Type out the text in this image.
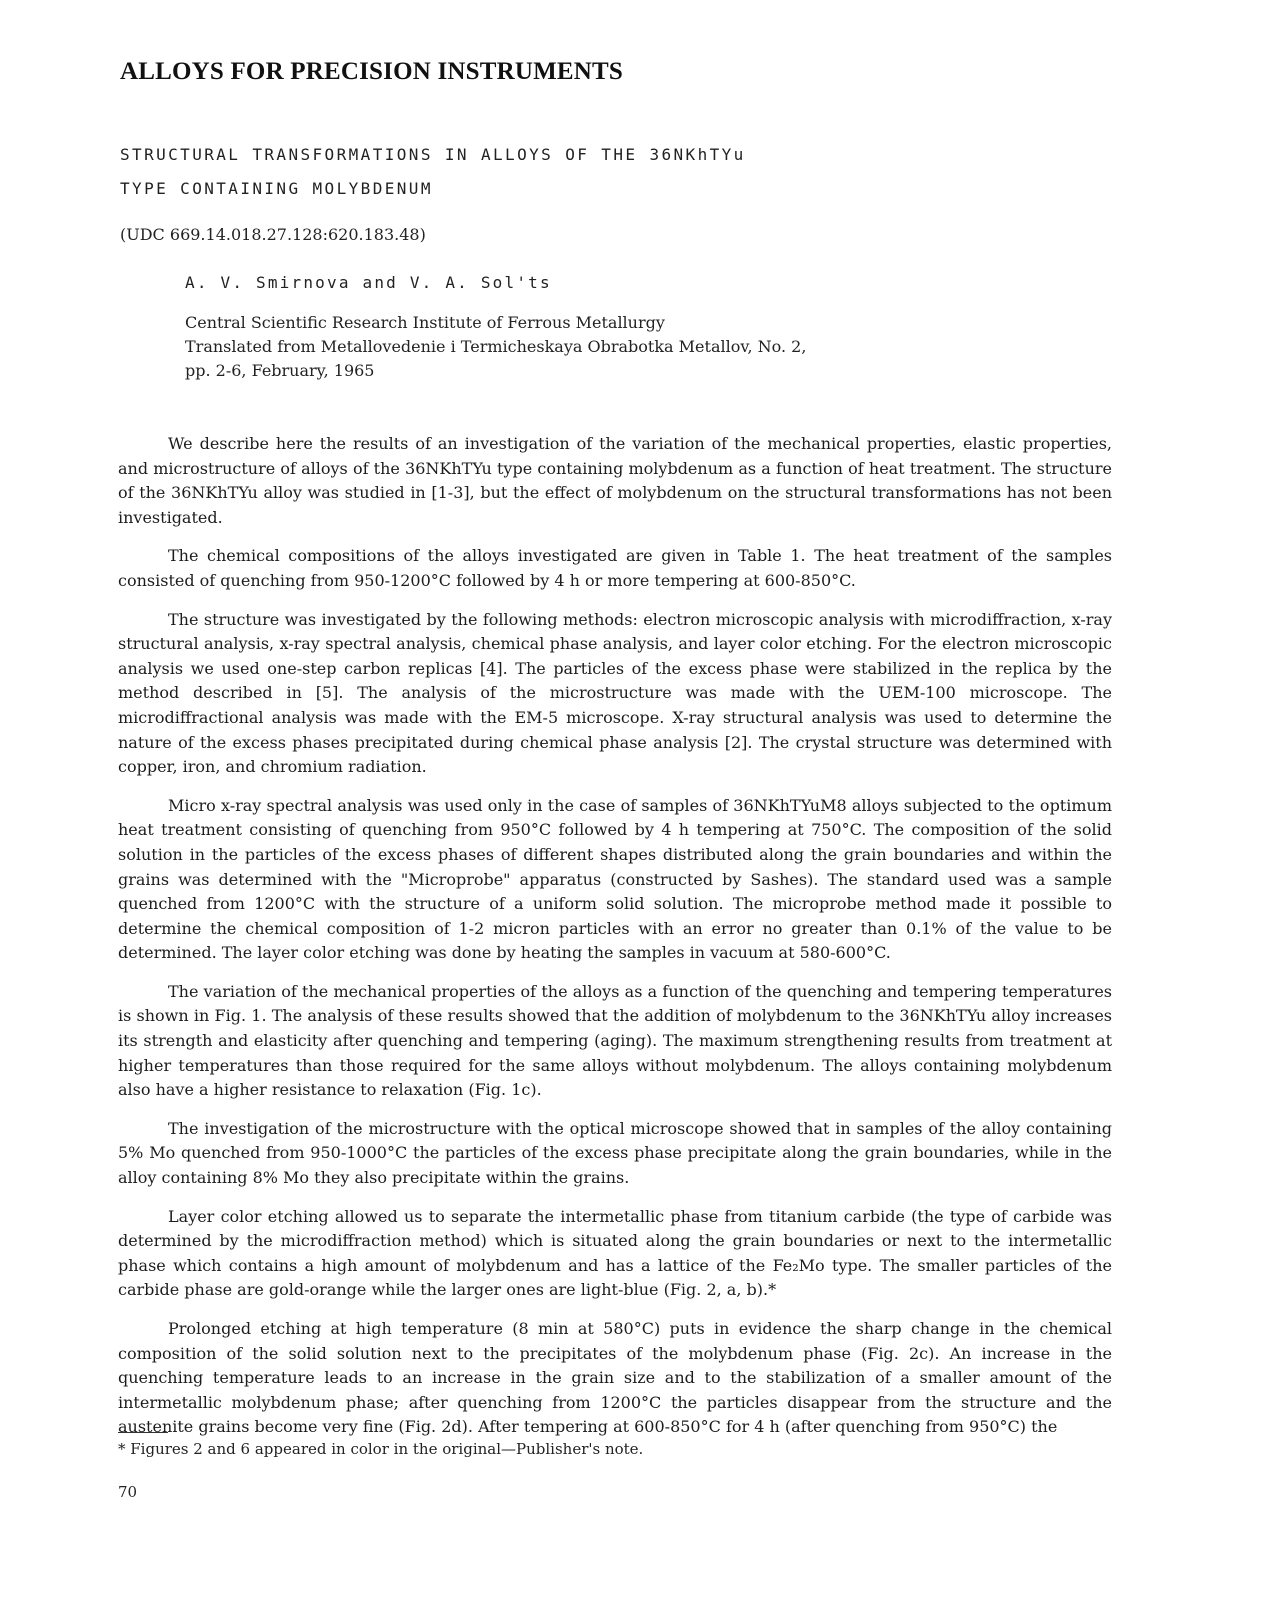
ALLOYS FOR PRECISION INSTRUMENTS
STRUCTURAL TRANSFORMATIONS IN ALLOYS OF THE 36NKhTYu
TYPE CONTAINING MOLYBDENUM
(UDC 669.14.018.27.128:620.183.48)
A. V. Smirnova and V. A. Sol'ts
Central Scientific Research Institute of Ferrous Metallurgy
Translated from Metallovedenie i Termicheskaya Obrabotka Metallov, No. 2,
pp. 2-6, February, 1965

We describe here the results of an investigation of the variation of the mechanical properties, elastic properties, and microstructure of alloys of the 36NKhTYu type containing molybdenum as a function of heat treatment. The structure of the 36NKhTYu alloy was studied in [1-3], but the effect of molybdenum on the structural transformations has not been investigated.

The chemical compositions of the alloys investigated are given in Table 1. The heat treatment of the samples consisted of quenching from 950-1200°C followed by 4 h or more tempering at 600-850°C.

The structure was investigated by the following methods: electron microscopic analysis with microdiffraction, x-ray structural analysis, x-ray spectral analysis, chemical phase analysis, and layer color etching. For the electron microscopic analysis we used one-step carbon replicas [4]. The particles of the excess phase were stabilized in the replica by the method described in [5]. The analysis of the microstructure was made with the UEM-100 microscope. The microdiffractional analysis was made with the EM-5 microscope. X-ray structural analysis was used to determine the nature of the excess phases precipitated during chemical phase analysis [2]. The crystal structure was determined with copper, iron, and chromium radiation.

Micro x-ray spectral analysis was used only in the case of samples of 36NKhTYuM8 alloys subjected to the optimum heat treatment consisting of quenching from 950°C followed by 4 h tempering at 750°C. The composition of the solid solution in the particles of the excess phases of different shapes distributed along the grain boundaries and within the grains was determined with the "Microprobe" apparatus (constructed by Sashes). The standard used was a sample quenched from 1200°C with the structure of a uniform solid solution. The microprobe method made it possible to determine the chemical composition of 1-2 micron particles with an error no greater than 0.1% of the value to be determined. The layer color etching was done by heating the samples in vacuum at 580-600°C.

The variation of the mechanical properties of the alloys as a function of the quenching and tempering temperatures is shown in Fig. 1. The analysis of these results showed that the addition of molybdenum to the 36NKhTYu alloy increases its strength and elasticity after quenching and tempering (aging). The maximum strengthening results from treatment at higher temperatures than those required for the same alloys without molybdenum. The alloys containing molybdenum also have a higher resistance to relaxation (Fig. 1c).

The investigation of the microstructure with the optical microscope showed that in samples of the alloy containing 5% Mo quenched from 950-1000°C the particles of the excess phase precipitate along the grain boundaries, while in the alloy containing 8% Mo they also precipitate within the grains.

Layer color etching allowed us to separate the intermetallic phase from titanium carbide (the type of carbide was determined by the microdiffraction method) which is situated along the grain boundaries or next to the intermetallic phase which contains a high amount of molybdenum and has a lattice of the Fe₂Mo type. The smaller particles of the carbide phase are gold-orange while the larger ones are light-blue (Fig. 2, a, b).*

Prolonged etching at high temperature (8 min at 580°C) puts in evidence the sharp change in the chemical composition of the solid solution next to the precipitates of the molybdenum phase (Fig. 2c). An increase in the quenching temperature leads to an increase in the grain size and to the stabilization of a smaller amount of the intermetallic molybdenum phase; after quenching from 1200°C the particles disappear from the structure and the austenite grains become very fine (Fig. 2d). After tempering at 600-850°C for 4 h (after quenching from 950°C) the

* Figures 2 and 6 appeared in color in the original—Publisher's note.
70
